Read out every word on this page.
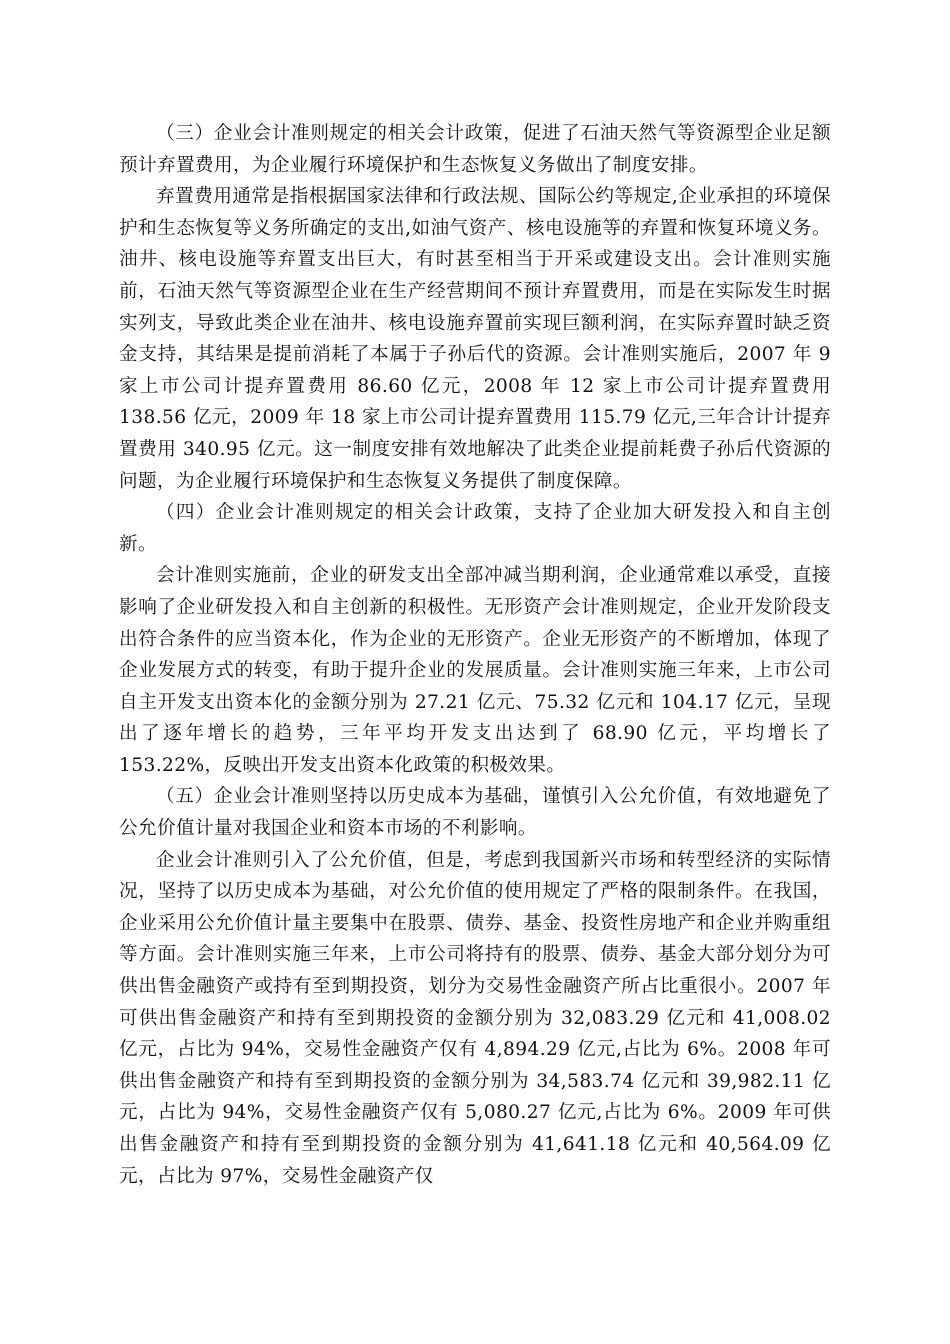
（三）企业会计准则规定的相关会计政策，促进了石油天然气等资源型企业足额预计弃置费用，为企业履行环境保护和生态恢复义务做出了制度安排。

弃置费用通常是指根据国家法律和行政法规、国际公约等规定,企业承担的环境保护和生态恢复等义务所确定的支出,如油气资产、核电设施等的弃置和恢复环境义务。油井、核电设施等弃置支出巨大，有时甚至相当于开采或建设支出。会计准则实施前，石油天然气等资源型企业在生产经营期间不预计弃置费用，而是在实际发生时据实列支，导致此类企业在油井、核电设施弃置前实现巨额利润，在实际弃置时缺乏资金支持，其结果是提前消耗了本属于子孙后代的资源。会计准则实施后，2007 年 9 家上市公司计提弃置费用 86.60 亿元，2008 年 12 家上市公司计提弃置费用 138.56 亿元，2009 年 18 家上市公司计提弃置费用 115.79 亿元,三年合计计提弃置费用 340.95 亿元。这一制度安排有效地解决了此类企业提前耗费子孙后代资源的问题，为企业履行环境保护和生态恢复义务提供了制度保障。

（四）企业会计准则规定的相关会计政策，支持了企业加大研发投入和自主创新。

会计准则实施前，企业的研发支出全部冲减当期利润，企业通常难以承受，直接影响了企业研发投入和自主创新的积极性。无形资产会计准则规定，企业开发阶段支出符合条件的应当资本化，作为企业的无形资产。企业无形资产的不断增加，体现了企业发展方式的转变，有助于提升企业的发展质量。会计准则实施三年来，上市公司自主开发支出资本化的金额分别为 27.21 亿元、75.32 亿元和 104.17 亿元，呈现出了逐年增长的趋势，三年平均开发支出达到了 68.90 亿元，平均增长了 153.22%，反映出开发支出资本化政策的积极效果。

（五）企业会计准则坚持以历史成本为基础，谨慎引入公允价值，有效地避免了公允价值计量对我国企业和资本市场的不利影响。

企业会计准则引入了公允价值，但是，考虑到我国新兴市场和转型经济的实际情况，坚持了以历史成本为基础，对公允价值的使用规定了严格的限制条件。在我国，企业采用公允价值计量主要集中在股票、债券、基金、投资性房地产和企业并购重组等方面。会计准则实施三年来，上市公司将持有的股票、债券、基金大部分划分为可供出售金融资产或持有至到期投资，划分为交易性金融资产所占比重很小。2007 年可供出售金融资产和持有至到期投资的金额分别为 32,083.29 亿元和 41,008.02 亿元，占比为 94%，交易性金融资产仅有 4,894.29 亿元,占比为 6%。2008 年可供出售金融资产和持有至到期投资的金额分别为 34,583.74 亿元和 39,982.11 亿元，占比为 94%，交易性金融资产仅有 5,080.27 亿元,占比为 6%。2009 年可供出售金融资产和持有至到期投资的金额分别为 41,641.18 亿元和 40,564.09 亿元，占比为 97%，交易性金融资产仅
